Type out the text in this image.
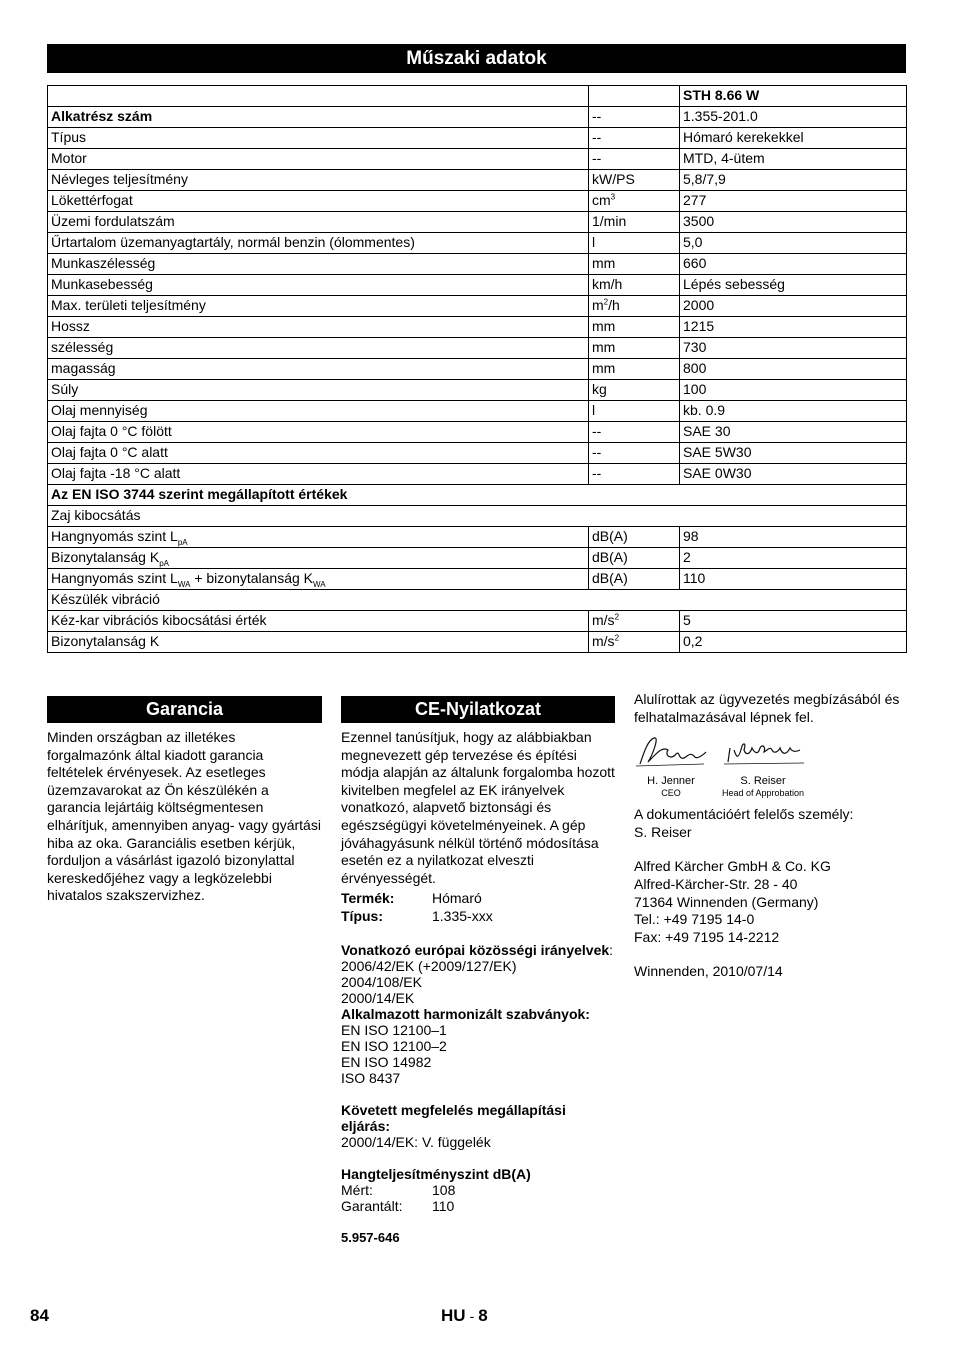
Műszaki adatok
		STH 8.66 W
Alkatrész szám	--	1.355-201.0
Típus	--	Hómaró kerekekkel
Motor	--	MTD, 4-ütem
Névleges teljesítmény	kW/PS	5,8/7,9
Lökettérfogat	$cm^3$	277
Üzemi fordulatszám	1/min	3500
Űrtartalom üzemanyagtartály, normál benzin (ólommentes)	l	5,0
Munkaszélesség	mm	660
Munkasebesség	km/h	Lépés sebesség
Max. területi teljesítmény	$m^2/h$	2000
Hossz	mm	1215
szélesség	mm	730
magasság	mm	800
Súly	kg	100
Olaj mennyiség	l	kb. 0.9
Olaj fajta 0 °C fölött	--	SAE 30
Olaj fajta 0 °C alatt	--	SAE 5W30
Olaj fajta -18 °C alatt	--	SAE 0W30
Az EN ISO 3744 szerint megállapított értékek		
Zaj kibocsátás		
Hangnyomás szint $L_{pA}$	dB(A)	98
Bizonytalanság $K_{pA}$	dB(A)	2
Hangnyomás szint $L_{WA}$ + bizonytalanság $K_{WA}$	dB(A)	110
Készülék vibráció		
Kéz-kar vibrációs kibocsátási érték	$m/s^2$	5
Bizonytalanság K	$m/s^2$	0,2
Garancia
Minden országban az illetékes forgalmazónk által kiadott garancia feltételek érvényesek. Az esetleges üzemzavarokat az Ön készülékén a garancia lejártáig költségmentesen elhárítjuk, amennyiben anyag- vagy gyártási hiba az oka. Garanciális esetben kérjük, forduljon a vásárlást igazoló bizonylattal kereskedőjéhez vagy a legközelebbi hivatalos szakszervizhez.
CE-Nyilatkozat
Ezennel tanúsítjuk, hogy az alábbiakban megnevezett gép tervezése és építési módja alapján az általunk forgalomba hozott kivitelben megfelel az EK irányelvek vonatkozó, alapvető biztonsági és egészségügyi követelményeinek. A gép jóváhagyásunk nélkül történő módosítása esetén ez a nyilatkozat elveszti érvényességét.
Termék:	Hómaró
Típus:	1.335-xxx
Vonatkozó európai közösségi irányelvek:
2006/42/EK (+2009/127/EK)
2004/108/EK
2000/14/EK
Alkalmazott harmonizált szabványok:
EN ISO 12100–1
EN ISO 12100–2
EN ISO 14982
ISO 8437
Követett megfelelés megállapítási eljárás:
2000/14/EK: V. függelék
Hangteljesítményszint dB(A)
Mért:	108
Garantált:	110
5.957-646
Alulírottak az ügyvezetés megbízásából és felhatalmazásával lépnek fel.
H. Jenner
CEO
S. Reiser
Head of Approbation
A dokumentációért felelős személy:
S. Reiser
Alfred Kärcher GmbH & Co. KG
Alfred-Kärcher-Str. 28 - 40
71364 Winnenden (Germany)
Tel.: +49 7195 14-0
Fax: +49 7195 14-2212
Winnenden, 2010/07/14
84	HU - 8
